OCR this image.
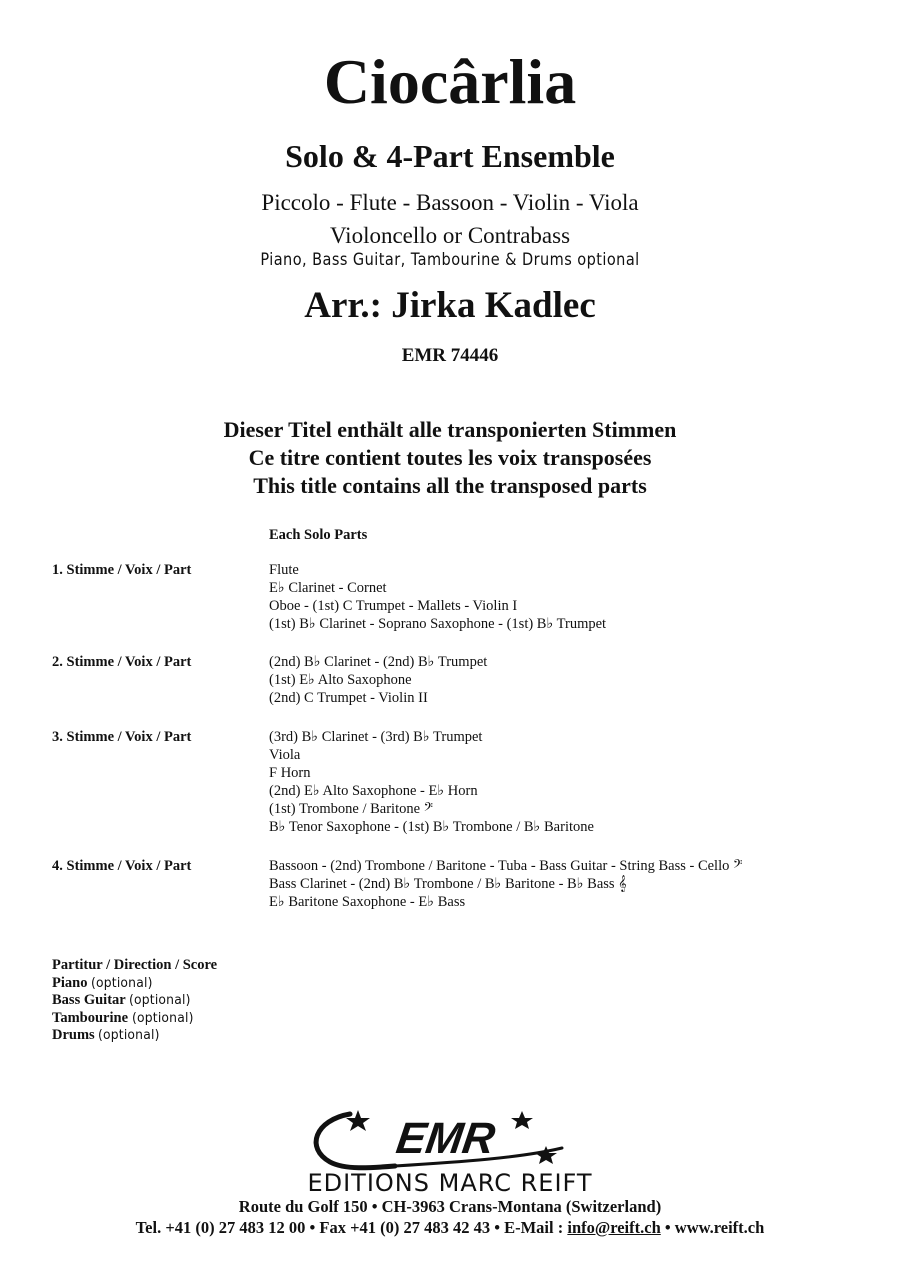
Ciocârlia
Solo & 4-Part Ensemble
Piccolo - Flute - Bassoon - Violin - Viola
Violoncello or Contrabass
Piano, Bass Guitar, Tambourine & Drums optional
Arr.: Jirka Kadlec
EMR 74446
Dieser Titel enthält alle transponierten Stimmen
Ce titre contient toutes les voix transposées
This title contains all the transposed parts
Each Solo Parts
1. Stimme / Voix / Part	Flute
E♭ Clarinet - Cornet
Oboe - (1st) C Trumpet - Mallets - Violin I
(1st) B♭ Clarinet - Soprano Saxophone - (1st) B♭ Trumpet
2. Stimme / Voix / Part	(2nd) B♭ Clarinet - (2nd) B♭ Trumpet
(1st) E♭ Alto Saxophone
(2nd) C Trumpet - Violin II
3. Stimme / Voix / Part	(3rd) B♭ Clarinet - (3rd) B♭ Trumpet
Viola
F Horn
(2nd) E♭ Alto Saxophone - E♭ Horn
(1st) Trombone / Baritone 𝄢
B♭ Tenor Saxophone - (1st) B♭ Trombone / B♭ Baritone
4. Stimme / Voix / Part	Bassoon - (2nd) Trombone / Baritone - Tuba - Bass Guitar - String Bass - Cello 𝄢
Bass Clarinet - (2nd) B♭ Trombone / B♭ Baritone - B♭ Bass 𝄞
E♭ Baritone Saxophone - E♭ Bass
Partitur / Direction / Score
Piano (optional)
Bass Guitar (optional)
Tambourine (optional)
Drums (optional)
EMR
EDITIONS MARC REIFT
Route du Golf 150 • CH-3963 Crans-Montana (Switzerland)
Tel. +41 (0) 27 483 12 00 • Fax +41 (0) 27 483 42 43 • E-Mail : info@reift.ch • www.reift.ch
